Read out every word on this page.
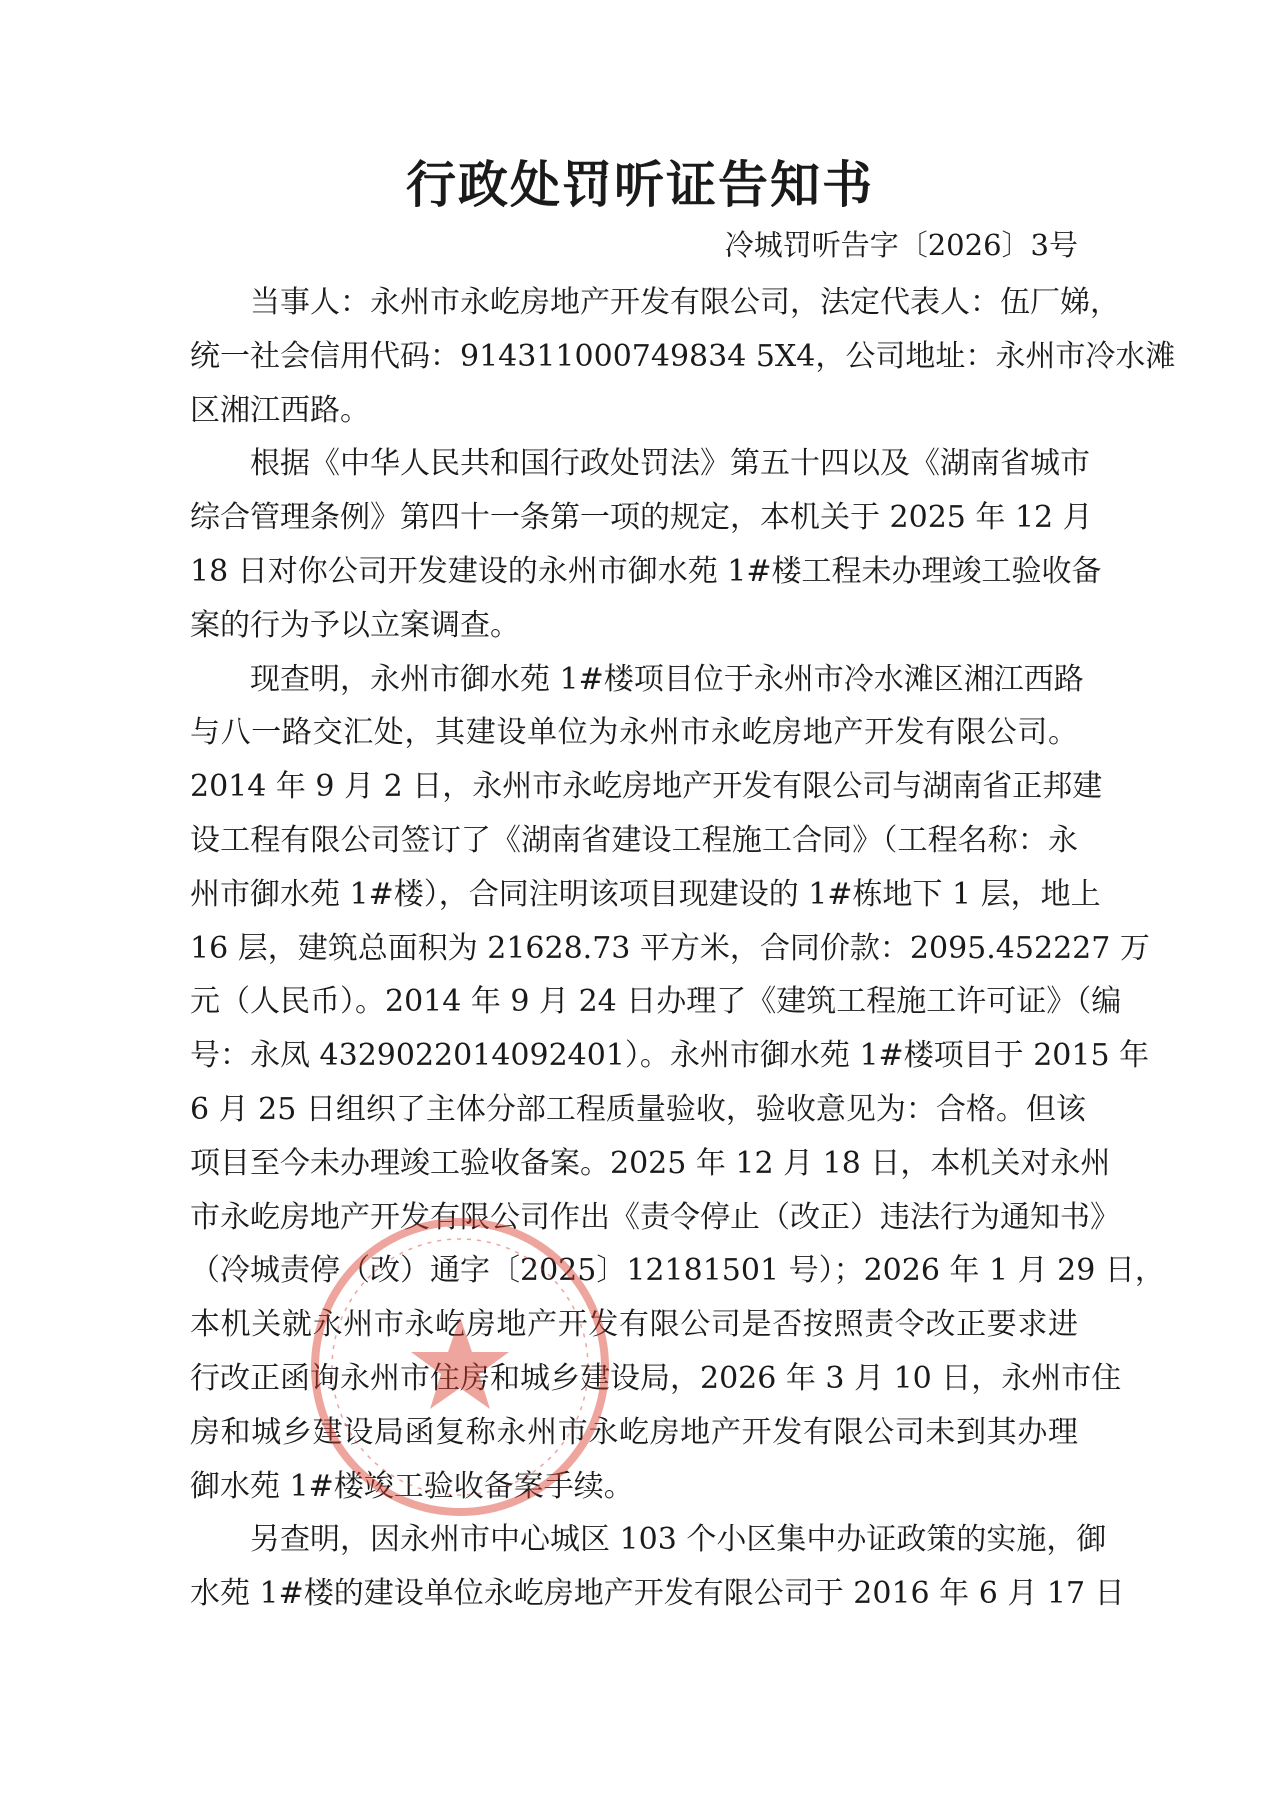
行政处罚听证告知书
冷城罚听告字〔2026〕3号
当事人：永州市永屹房地产开发有限公司，法定代表人：伍厂娣，
统一社会信用代码：914311000749834 5X4，公司地址：永州市冷水滩
区湘江西路。
根据《中华人民共和国行政处罚法》第五十四以及《湖南省城市
综合管理条例》第四十一条第一项的规定，本机关于 2025 年 12 月
18 日对你公司开发建设的永州市御水苑 1#楼工程未办理竣工验收备
案的行为予以立案调查。
现查明，永州市御水苑 1#楼项目位于永州市冷水滩区湘江西路
与八一路交汇处，其建设单位为永州市永屹房地产开发有限公司。
2014 年 9 月 2 日，永州市永屹房地产开发有限公司与湖南省正邦建
设工程有限公司签订了《湖南省建设工程施工合同》（工程名称：永
州市御水苑 1#楼），合同注明该项目现建设的 1#栋地下 1 层，地上
16 层，建筑总面积为 21628.73 平方米，合同价款：2095.452227 万
元（人民币）。2014 年 9 月 24 日办理了《建筑工程施工许可证》（编
号：永凤 4329022014092401）。永州市御水苑 1#楼项目于 2015 年
6 月 25 日组织了主体分部工程质量验收，验收意见为：合格。但该
项目至今未办理竣工验收备案。2025 年 12 月 18 日，本机关对永州
市永屹房地产开发有限公司作出《责令停止（改正）违法行为通知书》
（冷城责停（改）通字〔2025〕12181501 号）；2026 年 1 月 29 日，
本机关就永州市永屹房地产开发有限公司是否按照责令改正要求进
行改正函询永州市住房和城乡建设局，2026 年 3 月 10 日，永州市住
房和城乡建设局函复称永州市永屹房地产开发有限公司未到其办理
御水苑 1#楼竣工验收备案手续。
另查明，因永州市中心城区 103 个小区集中办证政策的实施，御
水苑 1#楼的建设单位永屹房地产开发有限公司于 2016 年 6 月 17 日
